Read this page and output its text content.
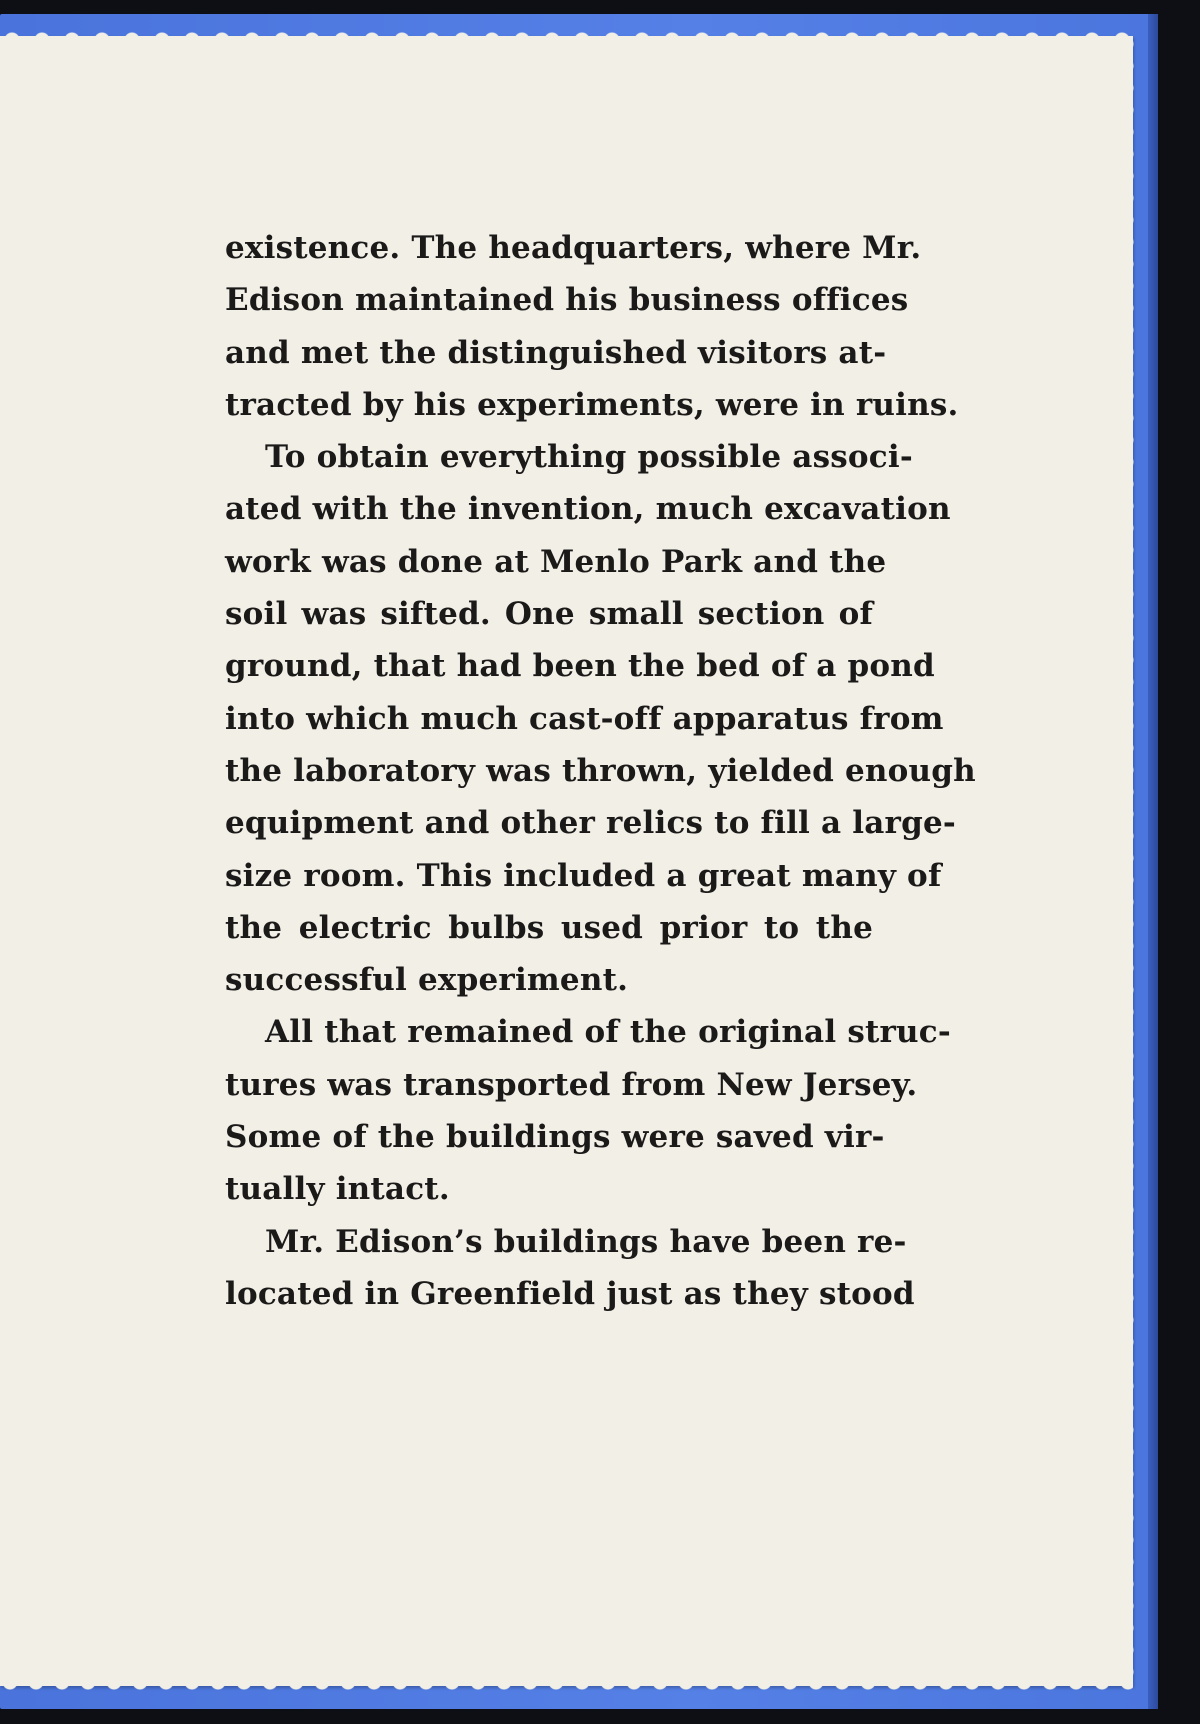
existence. The headquarters, where Mr.
Edison maintained his business offices
and met the distinguished visitors at-
tracted by his experiments, were in ruins.
To obtain everything possible associ-
ated with the invention, much excavation
work was done at Menlo Park and the
soil was sifted. One small section of
ground, that had been the bed of a pond
into which much cast-off apparatus from
the laboratory was thrown, yielded enough
equipment and other relics to fill a large-
size room. This included a great many of
the electric bulbs used prior to the
successful experiment.
All that remained of the original struc-
tures was transported from New Jersey.
Some of the buildings were saved vir-
tually intact.
Mr. Edison’s buildings have been re-
located in Greenfield just as they stood
